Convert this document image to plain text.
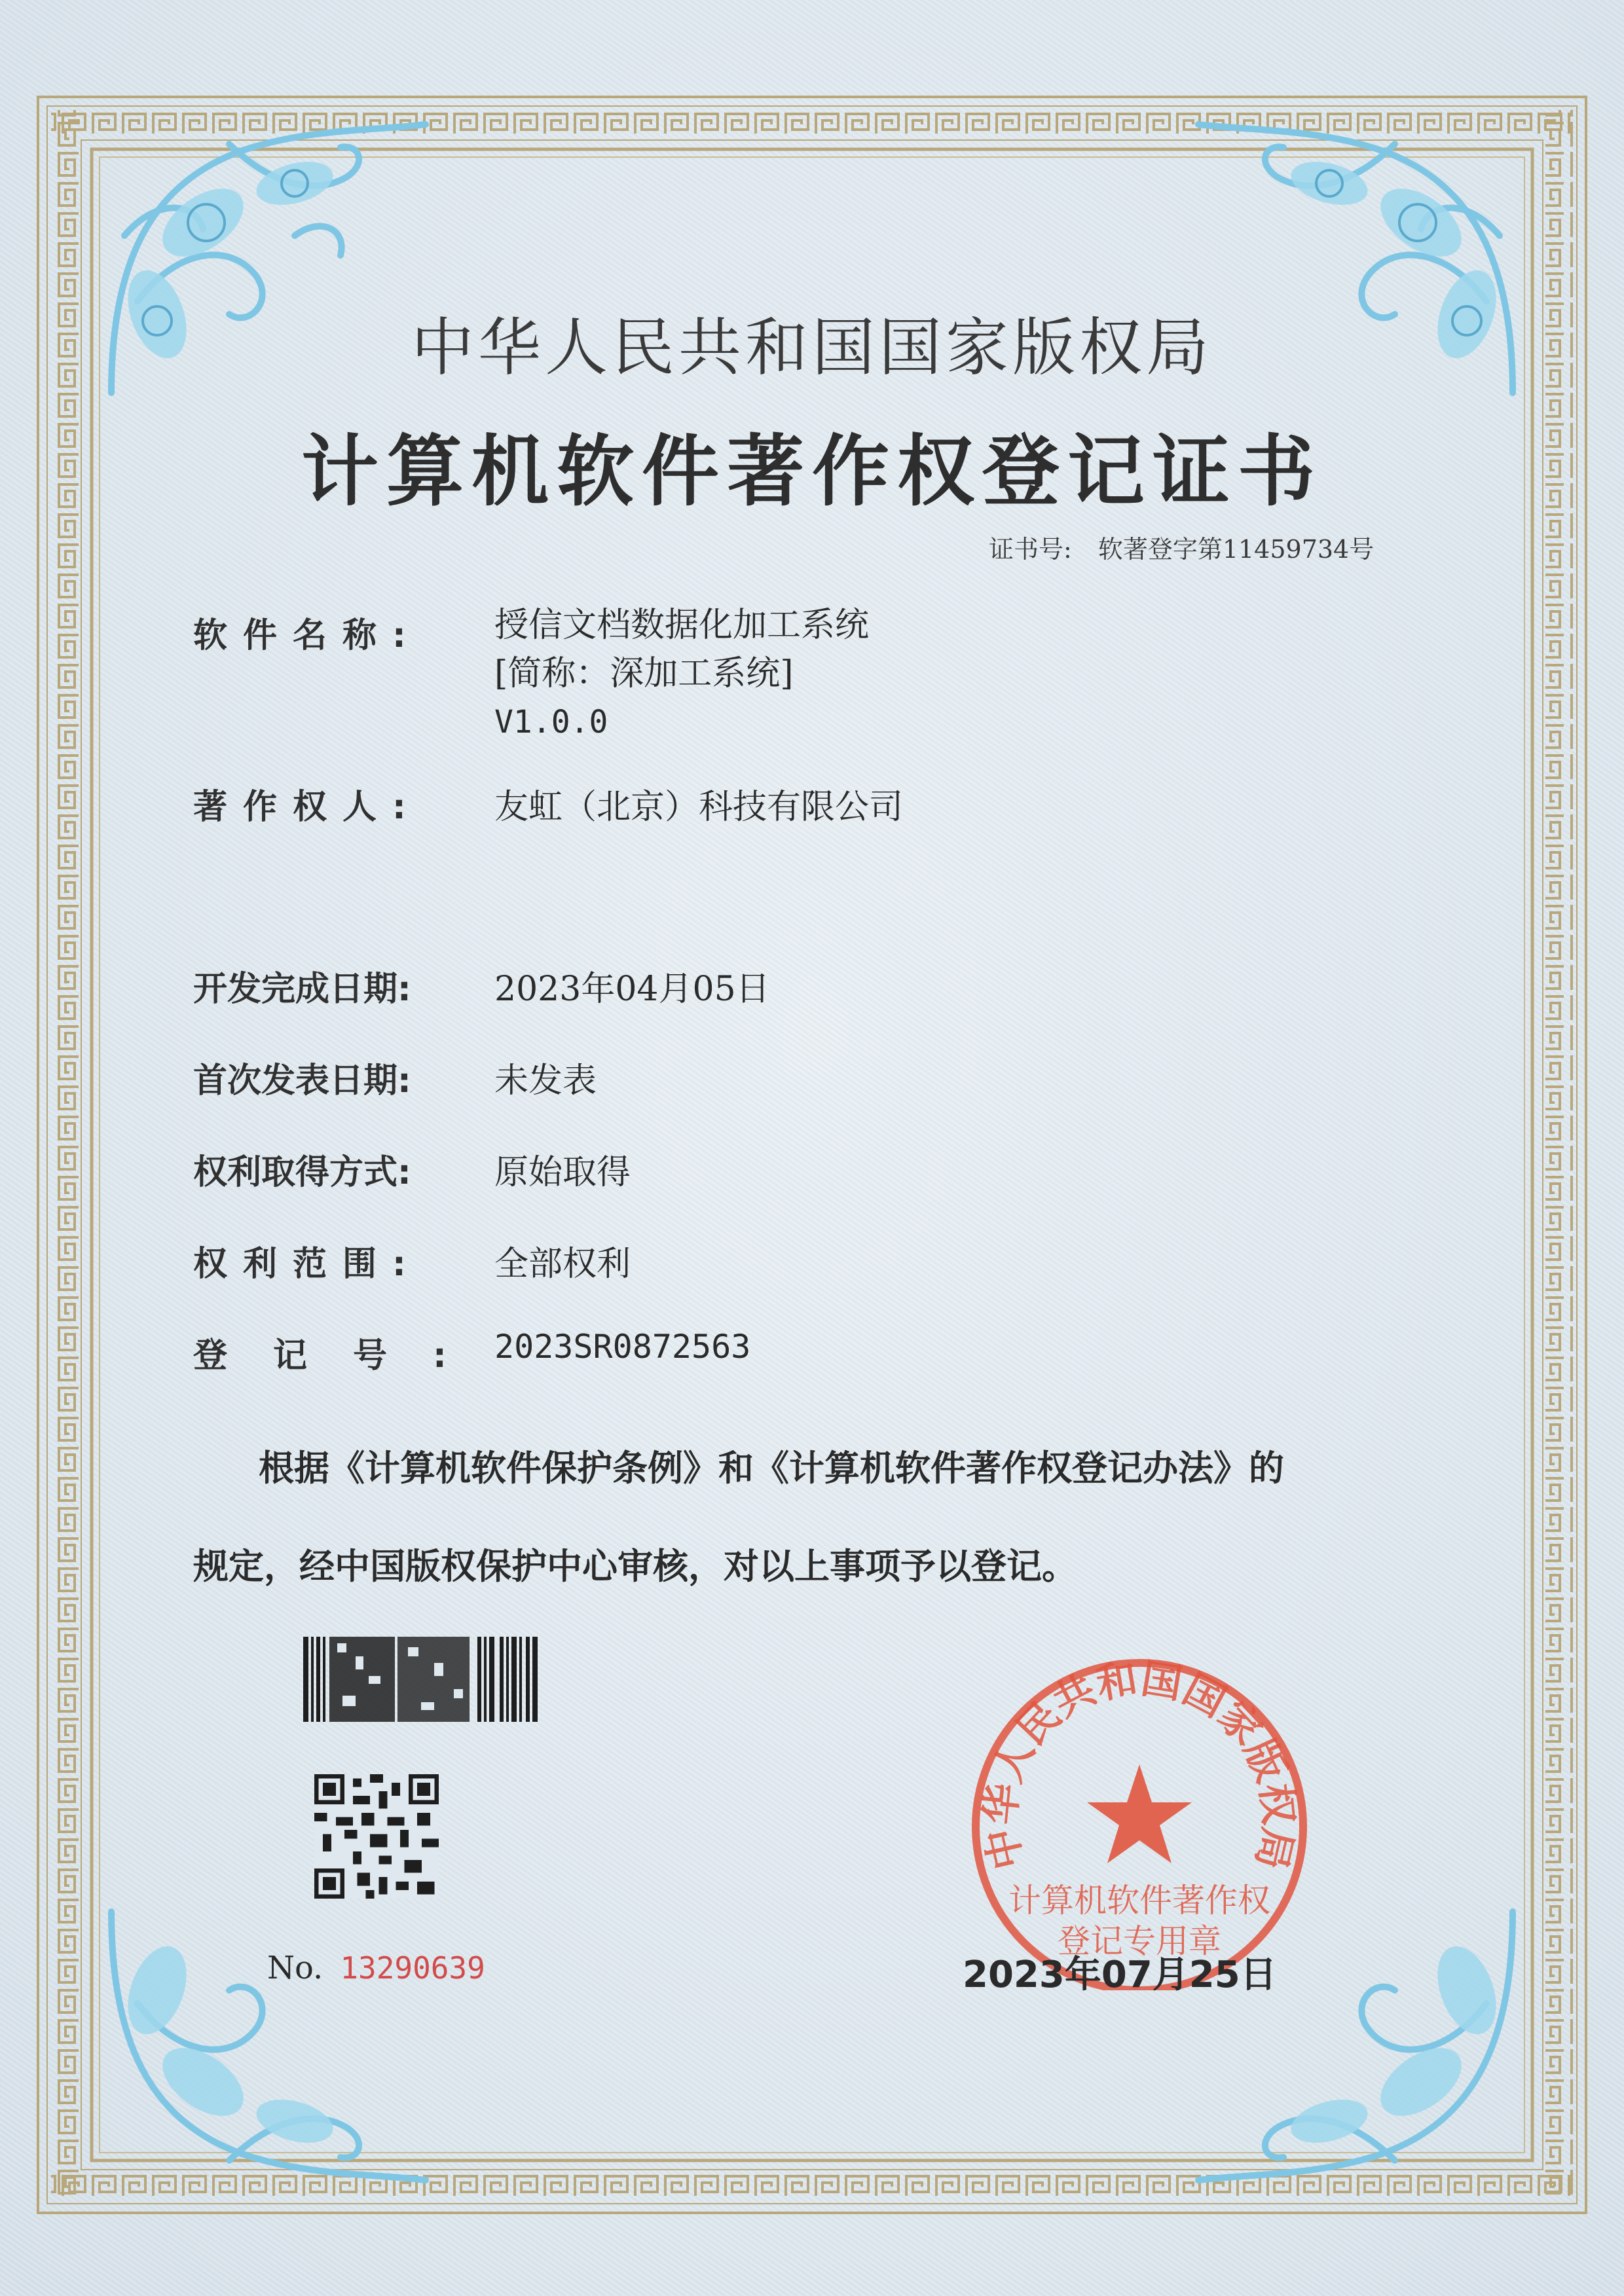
中华人民共和国国家版权局
计算机软件著作权登记证书
证书号: 软著登字第11459734号
软件名称: 授信文档数据化加工系统
[简称：深加工系统]
V1.0.0
著作权人: 友虹（北京）科技有限公司
开发完成日期: 2023年04月05日
首次发表日期: 未发表
权利取得方式: 原始取得
权利范围: 全部权利
登记号:2023SR0872563
根据《计算机软件保护条例》和《计算机软件著作权登记办法》的
规定，经中国版权保护中心审核，对以上事项予以登记。
No. 13290639
中华人民共和国国家版权局
计算机软件著作权
登记专用章
2023年07月25日
